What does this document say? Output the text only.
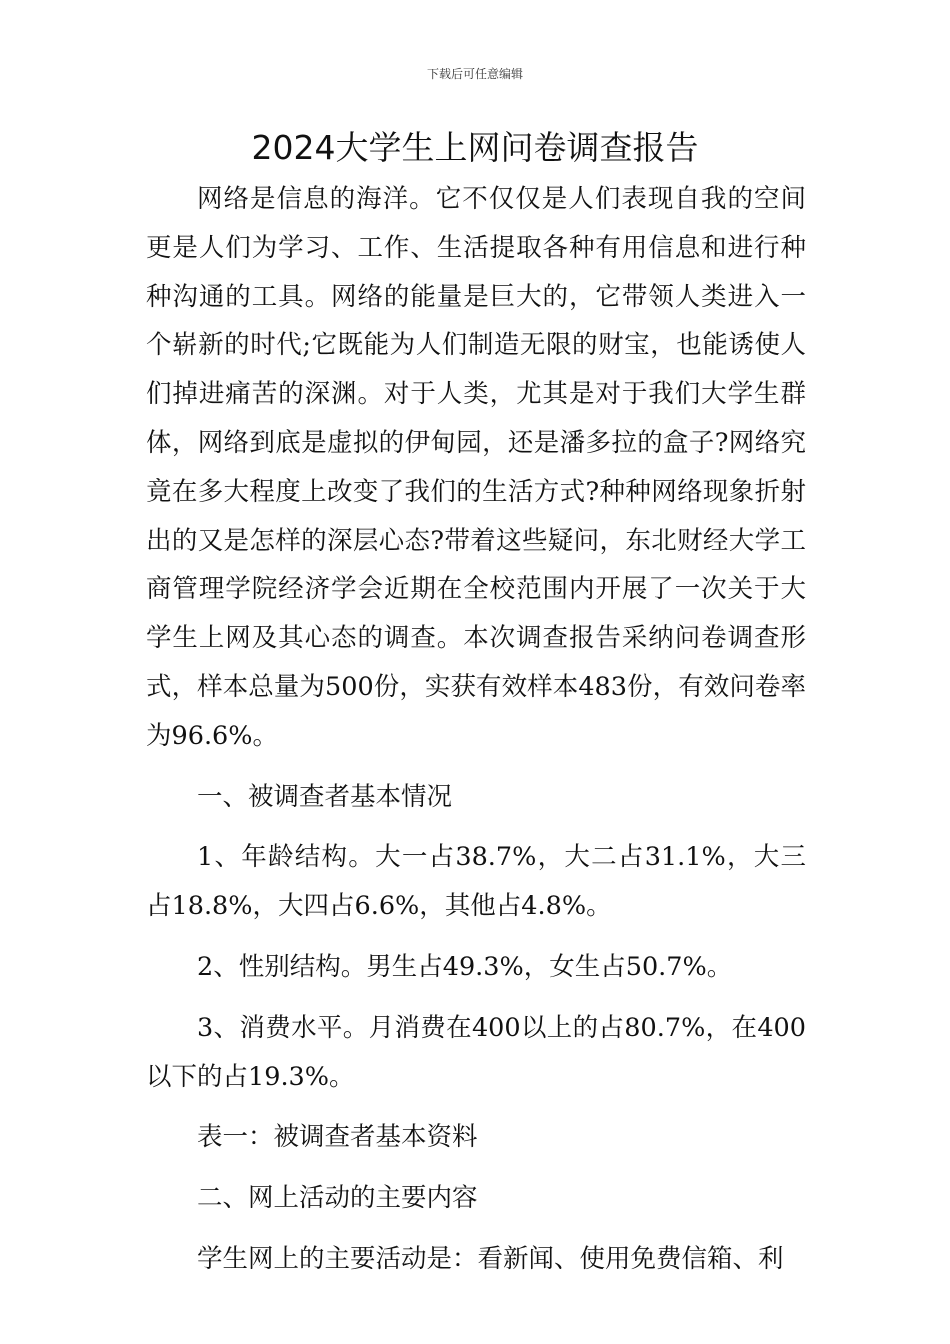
下载后可任意编辑
2024大学生上网问卷调查报告

网络是信息的海洋。它不仅仅是人们表现自我的空间更是人们为学习、工作、生活提取各种有用信息和进行种种沟通的工具。网络的能量是巨大的，它带领人类进入一个崭新的时代;它既能为人们制造无限的财宝，也能诱使人们掉进痛苦的深渊。对于人类，尤其是对于我们大学生群体，网络到底是虚拟的伊甸园，还是潘多拉的盒子?网络究竟在多大程度上改变了我们的生活方式?种种网络现象折射出的又是怎样的深层心态?带着这些疑问，东北财经大学工商管理学院经济学会近期在全校范围内开展了一次关于大学生上网及其心态的调查。本次调查报告采纳问卷调查形式，样本总量为500份，实获有效样本483份，有效问卷率为96.6%。

一、被调查者基本情况

1、年龄结构。大一占38.7%，大二占31.1%，大三占18.8%，大四占6.6%，其他占4.8%。

2、性别结构。男生占49.3%，女生占50.7%。

3、消费水平。月消费在400以上的占80.7%，在400以下的占19.3%。

表一：被调查者基本资料

二、网上活动的主要内容

学生网上的主要活动是：看新闻、使用免费信箱、利
